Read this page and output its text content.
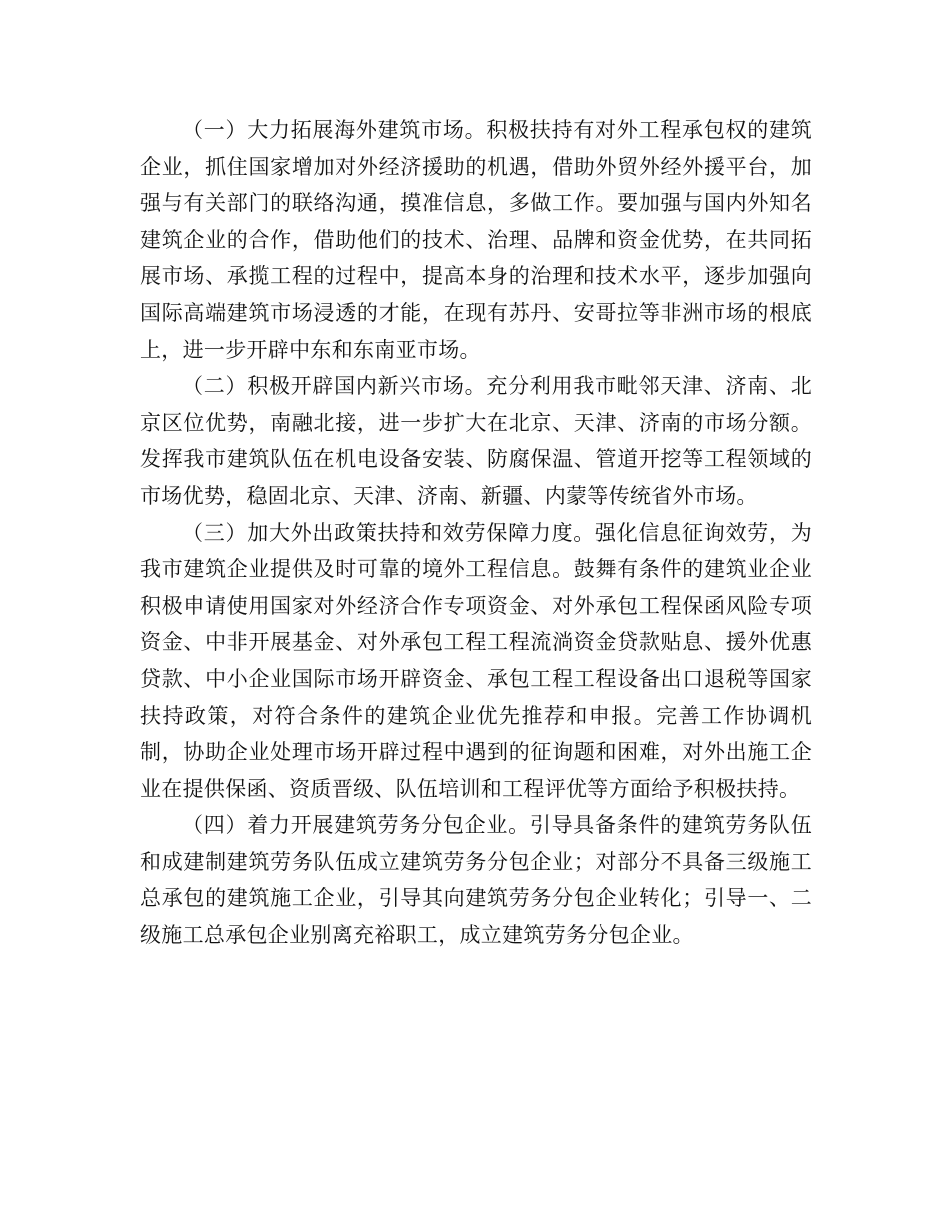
（一）大力拓展海外建筑市场。积极扶持有对外工程承包权的建筑企业，抓住国家增加对外经济援助的机遇，借助外贸外经外援平台，加强与有关部门的联络沟通，摸准信息，多做工作。要加强与国内外知名建筑企业的合作，借助他们的技术、治理、品牌和资金优势，在共同拓展市场、承揽工程的过程中，提高本身的治理和技术水平，逐步加强向国际高端建筑市场浸透的才能，在现有苏丹、安哥拉等非洲市场的根底上，进一步开辟中东和东南亚市场。

（二）积极开辟国内新兴市场。充分利用我市毗邻天津、济南、北京区位优势，南融北接，进一步扩大在北京、天津、济南的市场分额。发挥我市建筑队伍在机电设备安装、防腐保温、管道开挖等工程领域的市场优势，稳固北京、天津、济南、新疆、内蒙等传统省外市场。

（三）加大外出政策扶持和效劳保障力度。强化信息征询效劳，为我市建筑企业提供及时可靠的境外工程信息。鼓舞有条件的建筑业企业积极申请使用国家对外经济合作专项资金、对外承包工程保函风险专项资金、中非开展基金、对外承包工程工程流淌资金贷款贴息、援外优惠贷款、中小企业国际市场开辟资金、承包工程工程设备出口退税等国家扶持政策，对符合条件的建筑企业优先推荐和申报。完善工作协调机制，协助企业处理市场开辟过程中遇到的征询题和困难，对外出施工企业在提供保函、资质晋级、队伍培训和工程评优等方面给予积极扶持。

（四）着力开展建筑劳务分包企业。引导具备条件的建筑劳务队伍和成建制建筑劳务队伍成立建筑劳务分包企业；对部分不具备三级施工总承包的建筑施工企业，引导其向建筑劳务分包企业转化；引导一、二级施工总承包企业别离充裕职工，成立建筑劳务分包企业。
